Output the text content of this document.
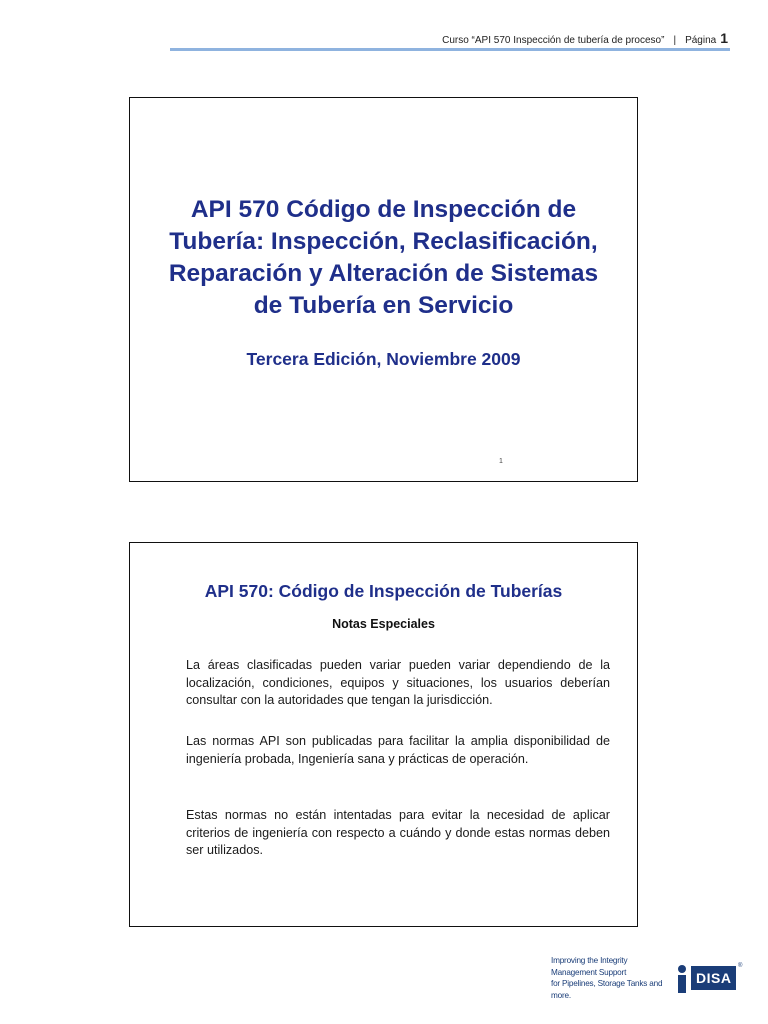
Curso “API 570 Inspección de tubería de proceso” | Página 1
API 570 Código de Inspección de
Tubería: Inspección, Reclasificación,
Reparación y Alteración de Sistemas
de Tubería en Servicio
Tercera Edición, Noviembre 2009
1
API 570: Código de Inspección de Tuberías
Notas Especiales
La áreas clasificadas pueden variar pueden variar dependiendo de la localización, condiciones, equipos y situaciones, los usuarios deberían consultar con la autoridades que tengan la jurisdicción.
Las normas API son publicadas para facilitar la amplia disponibilidad de ingeniería probada, Ingeniería sana y prácticas de operación.
Estas normas no están intentadas para evitar la necesidad de aplicar criterios de ingeniería con respecto a cuándo y donde estas normas deben ser utilizados.
Improving the Integrity Management Support
for Pipelines, Storage Tanks and more.
DISA
®
